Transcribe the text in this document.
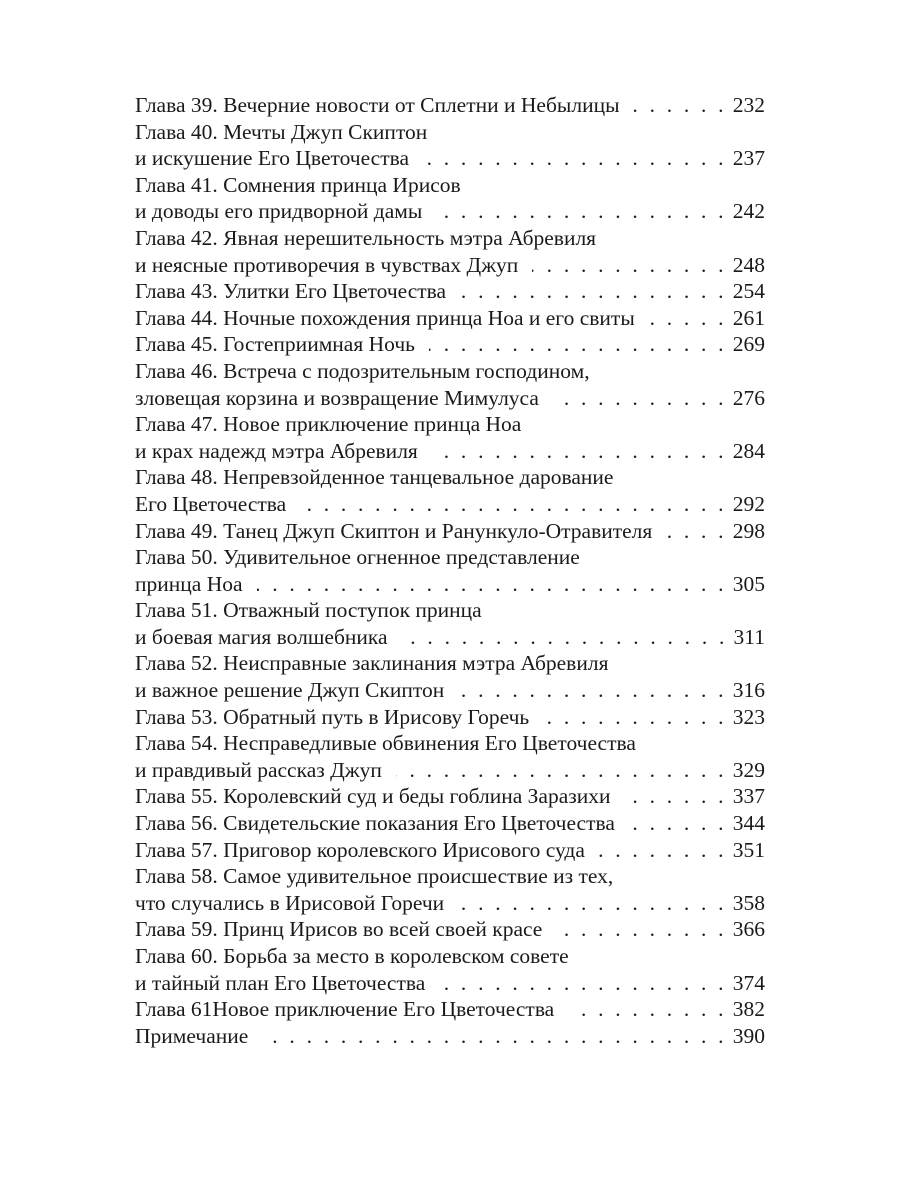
Глава 39. Вечерние новости от Сплетни и Небылицы . . .	232
Глава 40. Мечты Джуп Скиптон
и искушение Его Цветочества . . .	237
Глава 41. Сомнения принца Ирисов
и доводы его придворной дамы . . .	242
Глава 42. Явная нерешительность мэтра Абревиля
и неясные противоречия в чувствах Джуп . . .	248
Глава 43. Улитки Его Цветочества . . .	254
Глава 44. Ночные похождения принца Ноа и его свиты . . .	261
Глава 45. Гостеприимная Ночь . . .	269
Глава 46. Встреча с подозрительным господином,
зловещая корзина и возвращение Мимулуса . . .	276
Глава 47. Новое приключение принца Ноа
и крах надежд мэтра Абревиля . . .	284
Глава 48. Непревзойденное танцевальное дарование
Его Цветочества . . .	292
Глава 49. Танец Джуп Скиптон и Ранункуло-Отравителя . . .	298
Глава 50. Удивительное огненное представление
принца Ноа . . .	305
Глава 51. Отважный поступок принца
и боевая магия волшебника . . .	311
Глава 52. Неисправные заклинания мэтра Абревиля
и важное решение Джуп Скиптон . . .	316
Глава 53. Обратный путь в Ирисову Горечь . . .	323
Глава 54. Несправедливые обвинения Его Цветочества
и правдивый рассказ Джуп . . .	329
Глава 55. Королевский суд и беды гоблина Заразихи . . .	337
Глава 56. Свидетельские показания Его Цветочества . . .	344
Глава 57. Приговор королевского Ирисового суда . . .	351
Глава 58. Самое удивительное происшествие из тех,
что случались в Ирисовой Горечи . . .	358
Глава 59. Принц Ирисов во всей своей красе . . .	366
Глава 60. Борьба за место в королевском совете
и тайный план Его Цветочества . . .	374
Глава 61Новое приключение Его Цветочества . . .	382
Примечание . . .	390
